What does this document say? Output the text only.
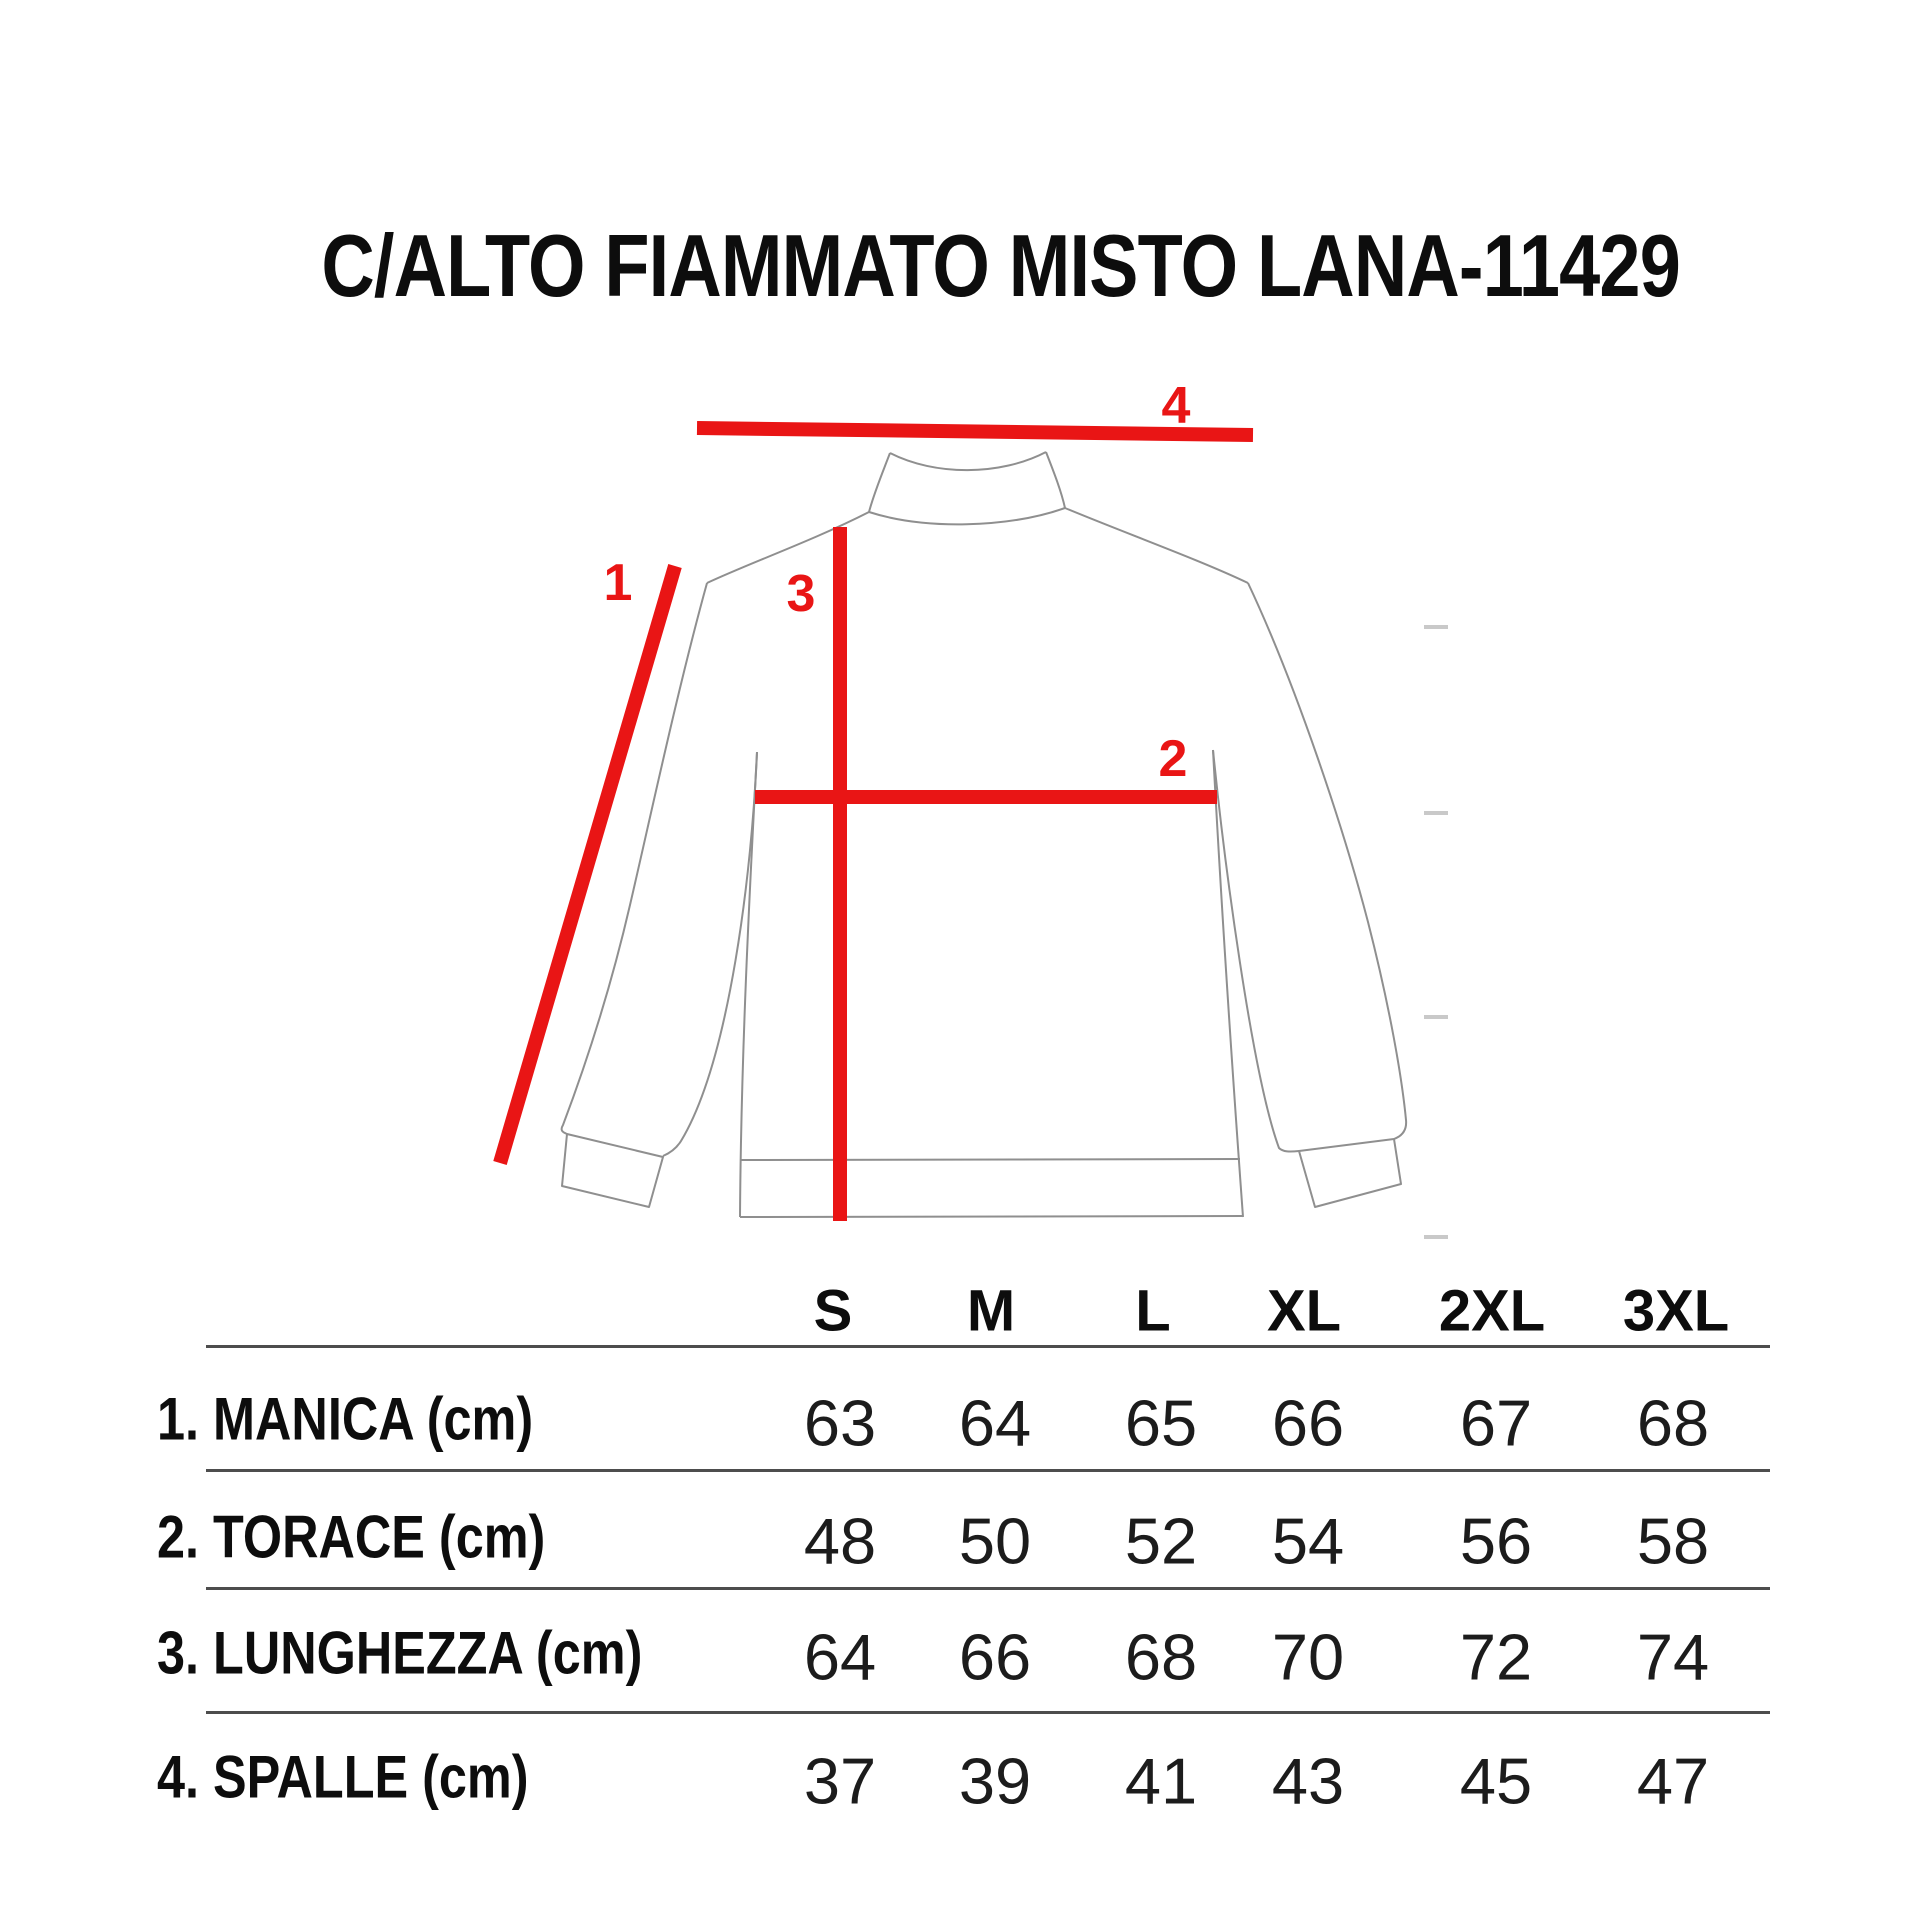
C/ALTO FIAMMATO MISTO LANA-11429
1
2
3
4
S M L XL 2XL 3XL
1. MANICA (cm)	63 64 65 66 67 68
2. TORACE (cm)	48 50 52 54 56 58
3. LUNGHEZZA (cm) 64 66 68 70 72 74
4. SPALLE (cm)	37 39 41 43 45 47
